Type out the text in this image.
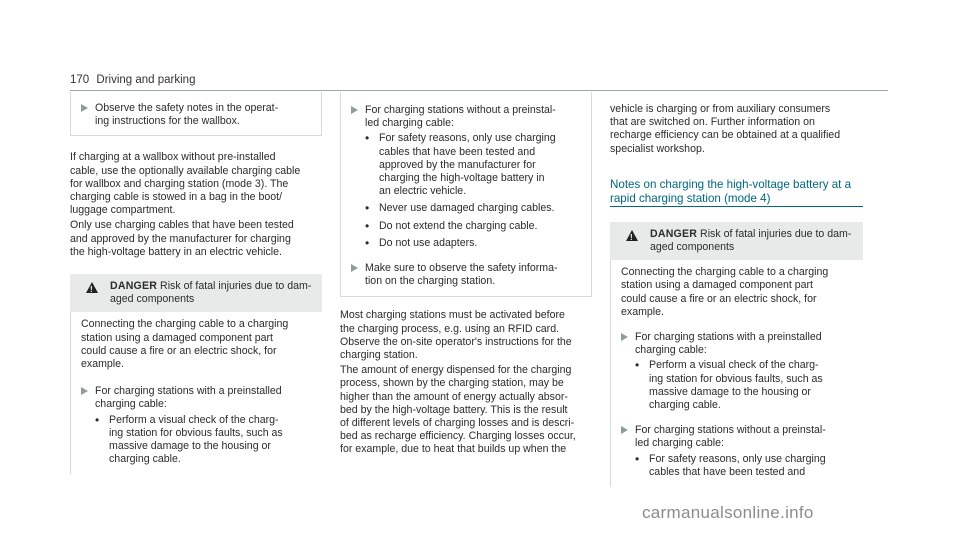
170 Driving and parking

Observe the safety notes in the operat-

ing instructions for the wallbox.

If charging at a wallbox without pre-installed

cable, use the optionally available charging cable

for wallbox and charging station (mode 3). The

charging cable is stowed in a bag in the boot/

luggage compartment.

Only use charging cables that have been tested

and approved by the manufacturer for charging

the high-voltage battery in an electric vehicle.

!
DANGER Risk of fatal injuries due to dam-
aged components

Connecting the charging cable to a charging

station using a damaged component part

could cause a fire or an electric shock, for

example.

For charging stations with a preinstalled

charging cable:

• Perform a visual check of the charg-

ing station for obvious faults, such as

massive damage to the housing or

charging cable.

For charging stations without a preinstal-

led charging cable:

• For safety reasons, only use charging

cables that have been tested and

approved by the manufacturer for

charging the high-voltage battery in

an electric vehicle.

• Never use damaged charging cables.

• Do not extend the charging cable.

• Do not use adapters.

Make sure to observe the safety informa-

tion on the charging station.

Most charging stations must be activated before

the charging process, e.g. using an RFID card.

Observe the on-site operator's instructions for the

charging station.

The amount of energy dispensed for the charging

process, shown by the charging station, may be

higher than the amount of energy actually absor-

bed by the high-voltage battery. This is the result

of different levels of charging losses and is descri-

bed as recharge efficiency. Charging losses occur,

for example, due to heat that builds up when the

vehicle is charging or from auxiliary consumers

that are switched on. Further information on

recharge efficiency can be obtained at a qualified

specialist workshop.

Notes on charging the high-voltage battery at a

rapid charging station (mode 4)

!
DANGER Risk of fatal injuries due to dam-
aged components

Connecting the charging cable to a charging

station using a damaged component part

could cause a fire or an electric shock, for

example.

For charging stations with a preinstalled

charging cable:

• Perform a visual check of the charg-

ing station for obvious faults, such as

massive damage to the housing or

charging cable.

For charging stations without a preinstal-

led charging cable:

• For safety reasons, only use charging

cables that have been tested and

carmanualsonline.info
